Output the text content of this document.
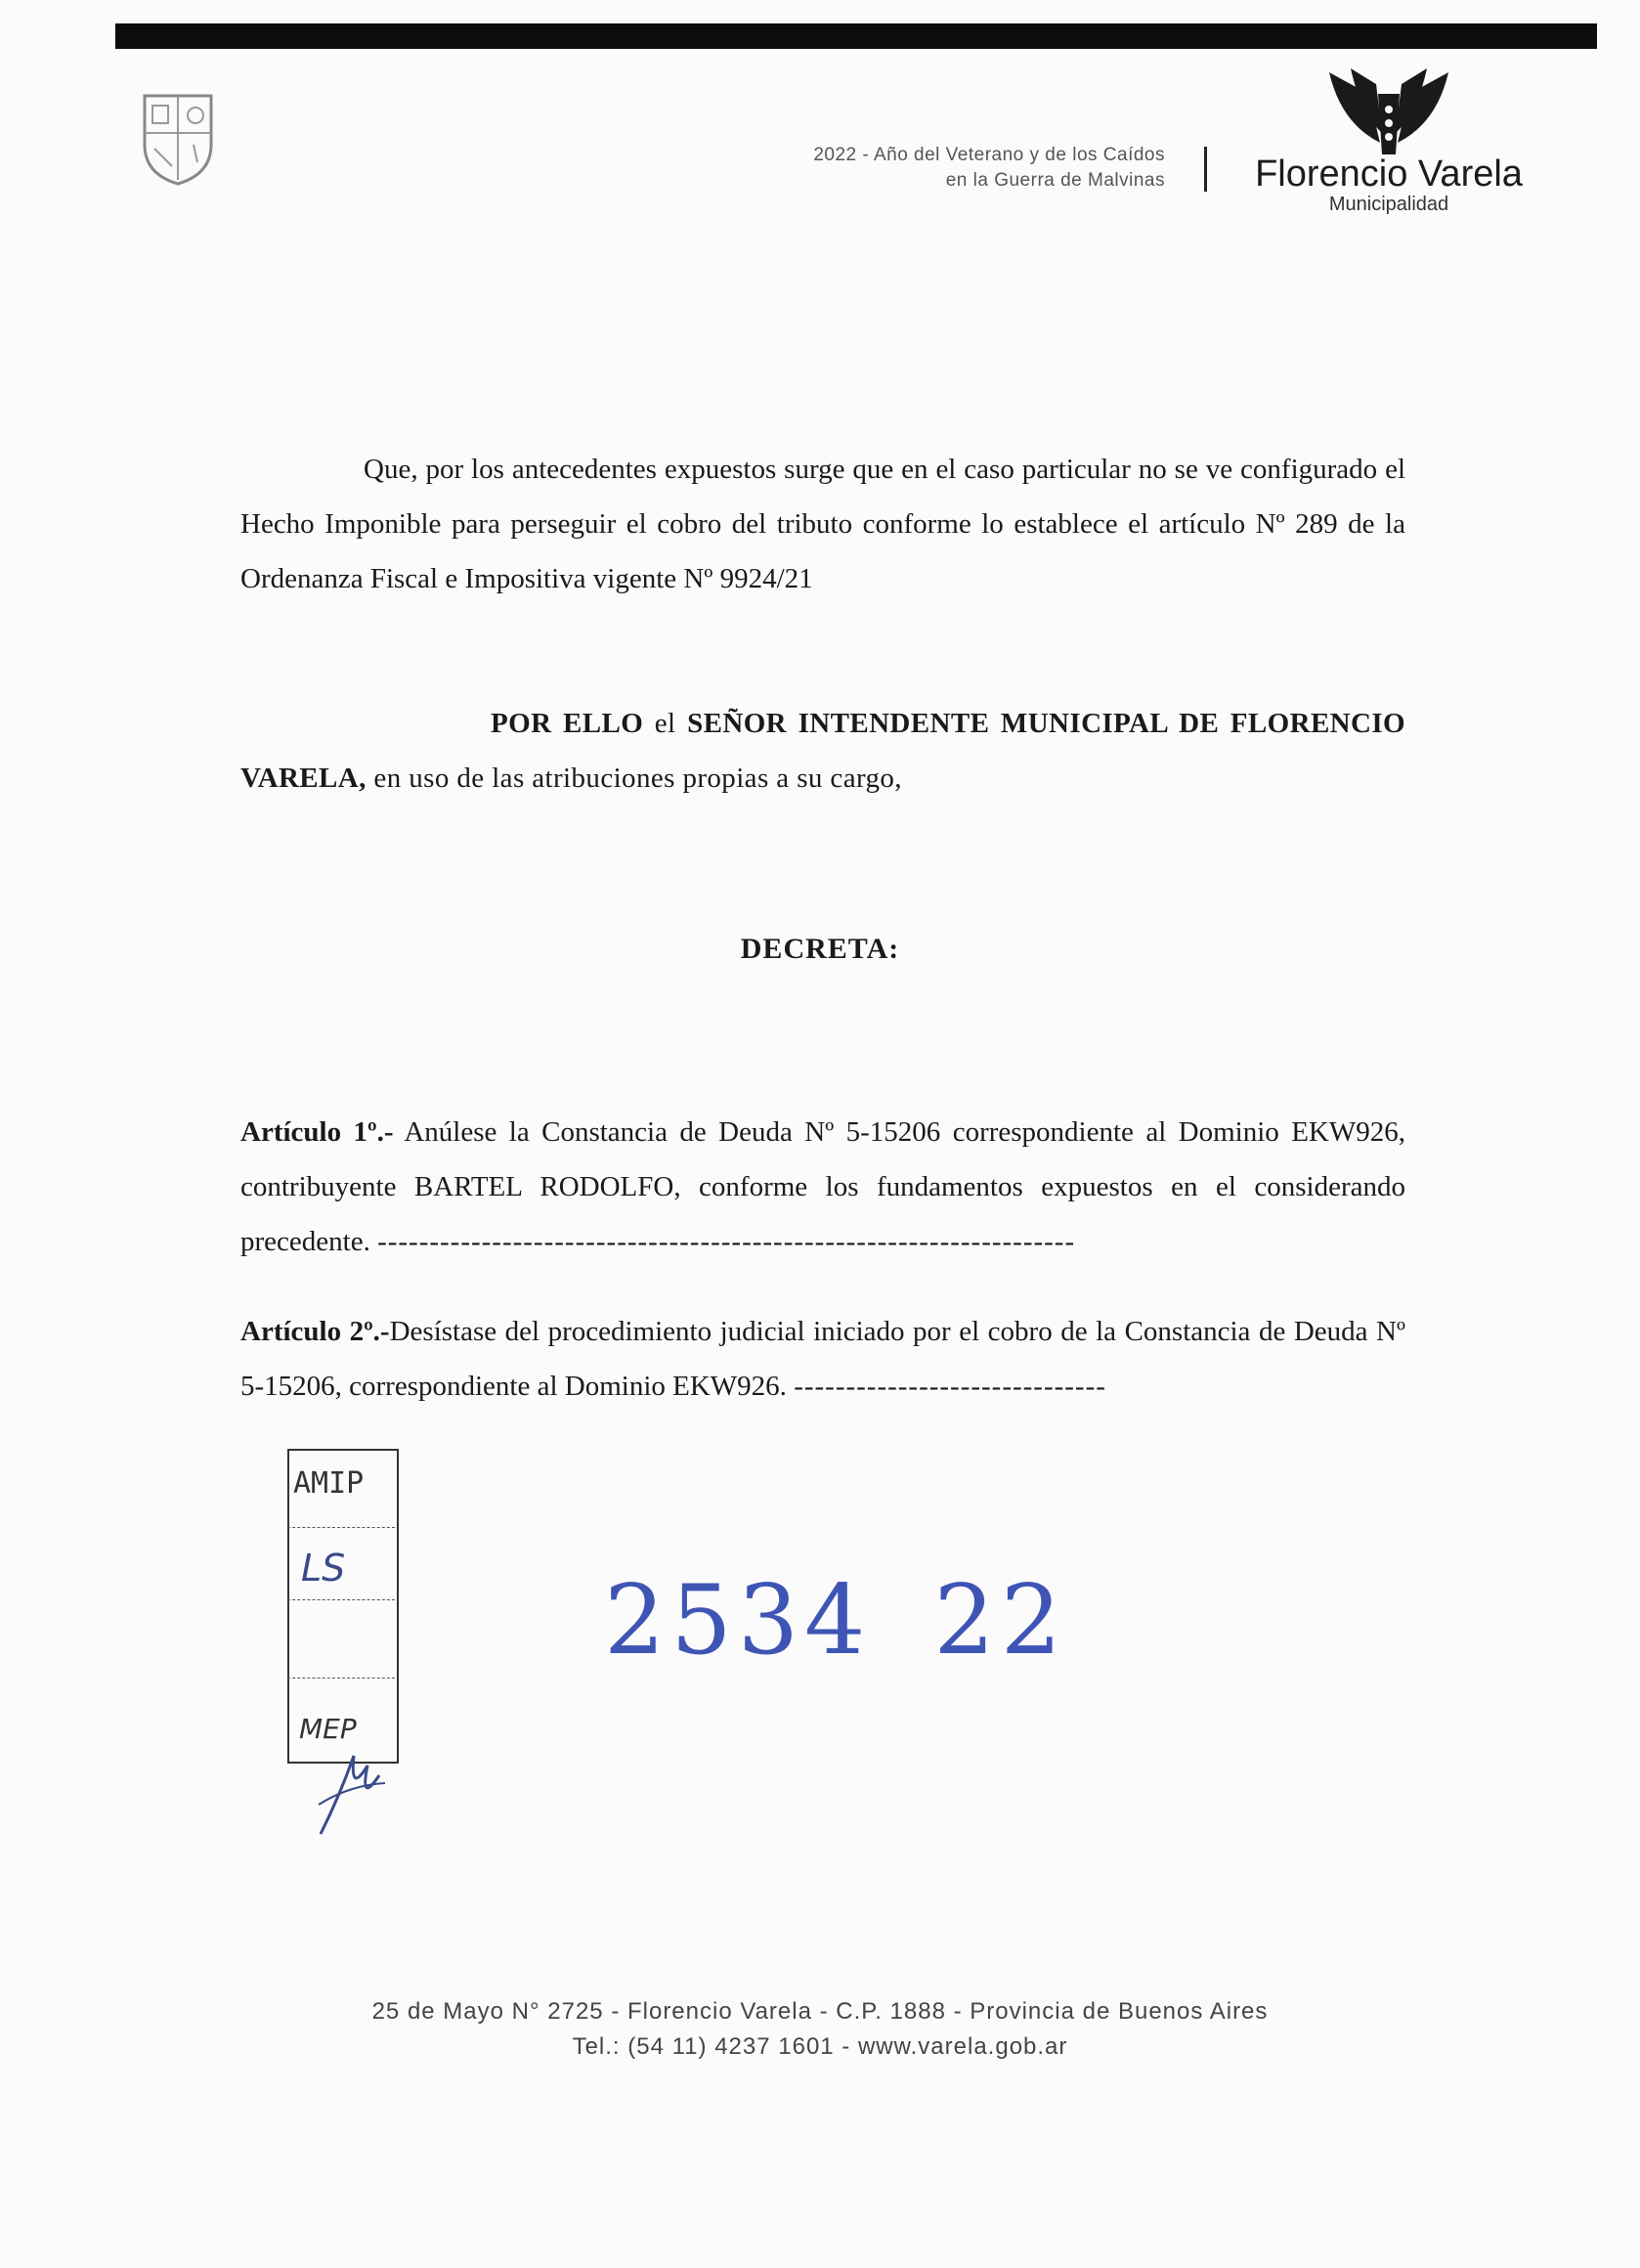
2022 - Año del Veterano y de los Caídos
en la Guerra de Malvinas Florencio Varela
Municipalidad
Que, por los antecedentes expuestos surge que en el caso particular no se ve configurado el Hecho Imponible para perseguir el cobro del tributo conforme lo establece el artículo Nº 289 de la Ordenanza Fiscal e Impositiva vigente Nº 9924/21
POR ELLO el SEÑOR INTENDENTE MUNICIPAL DE FLORENCIO VARELA, en uso de las atribuciones propias a su cargo,
DECRETA:
Artículo 1º.- Anúlese la Constancia de Deuda Nº 5-15206 correspondiente al Dominio EKW926, contribuyente BARTEL RODOLFO, conforme los fundamentos expuestos en el considerando precedente. -------------------------------------------------------------------
Artículo 2º.-Desístase del procedimiento judicial iniciado por el cobro de la Constancia de Deuda Nº 5-15206, correspondiente al Dominio EKW926. ------------------------------
AMIP
LS
MEP
2534 22
25 de Mayo N° 2725 - Florencio Varela - C.P. 1888 - Provincia de Buenos Aires
Tel.: (54 11) 4237 1601 - www.varela.gob.ar
